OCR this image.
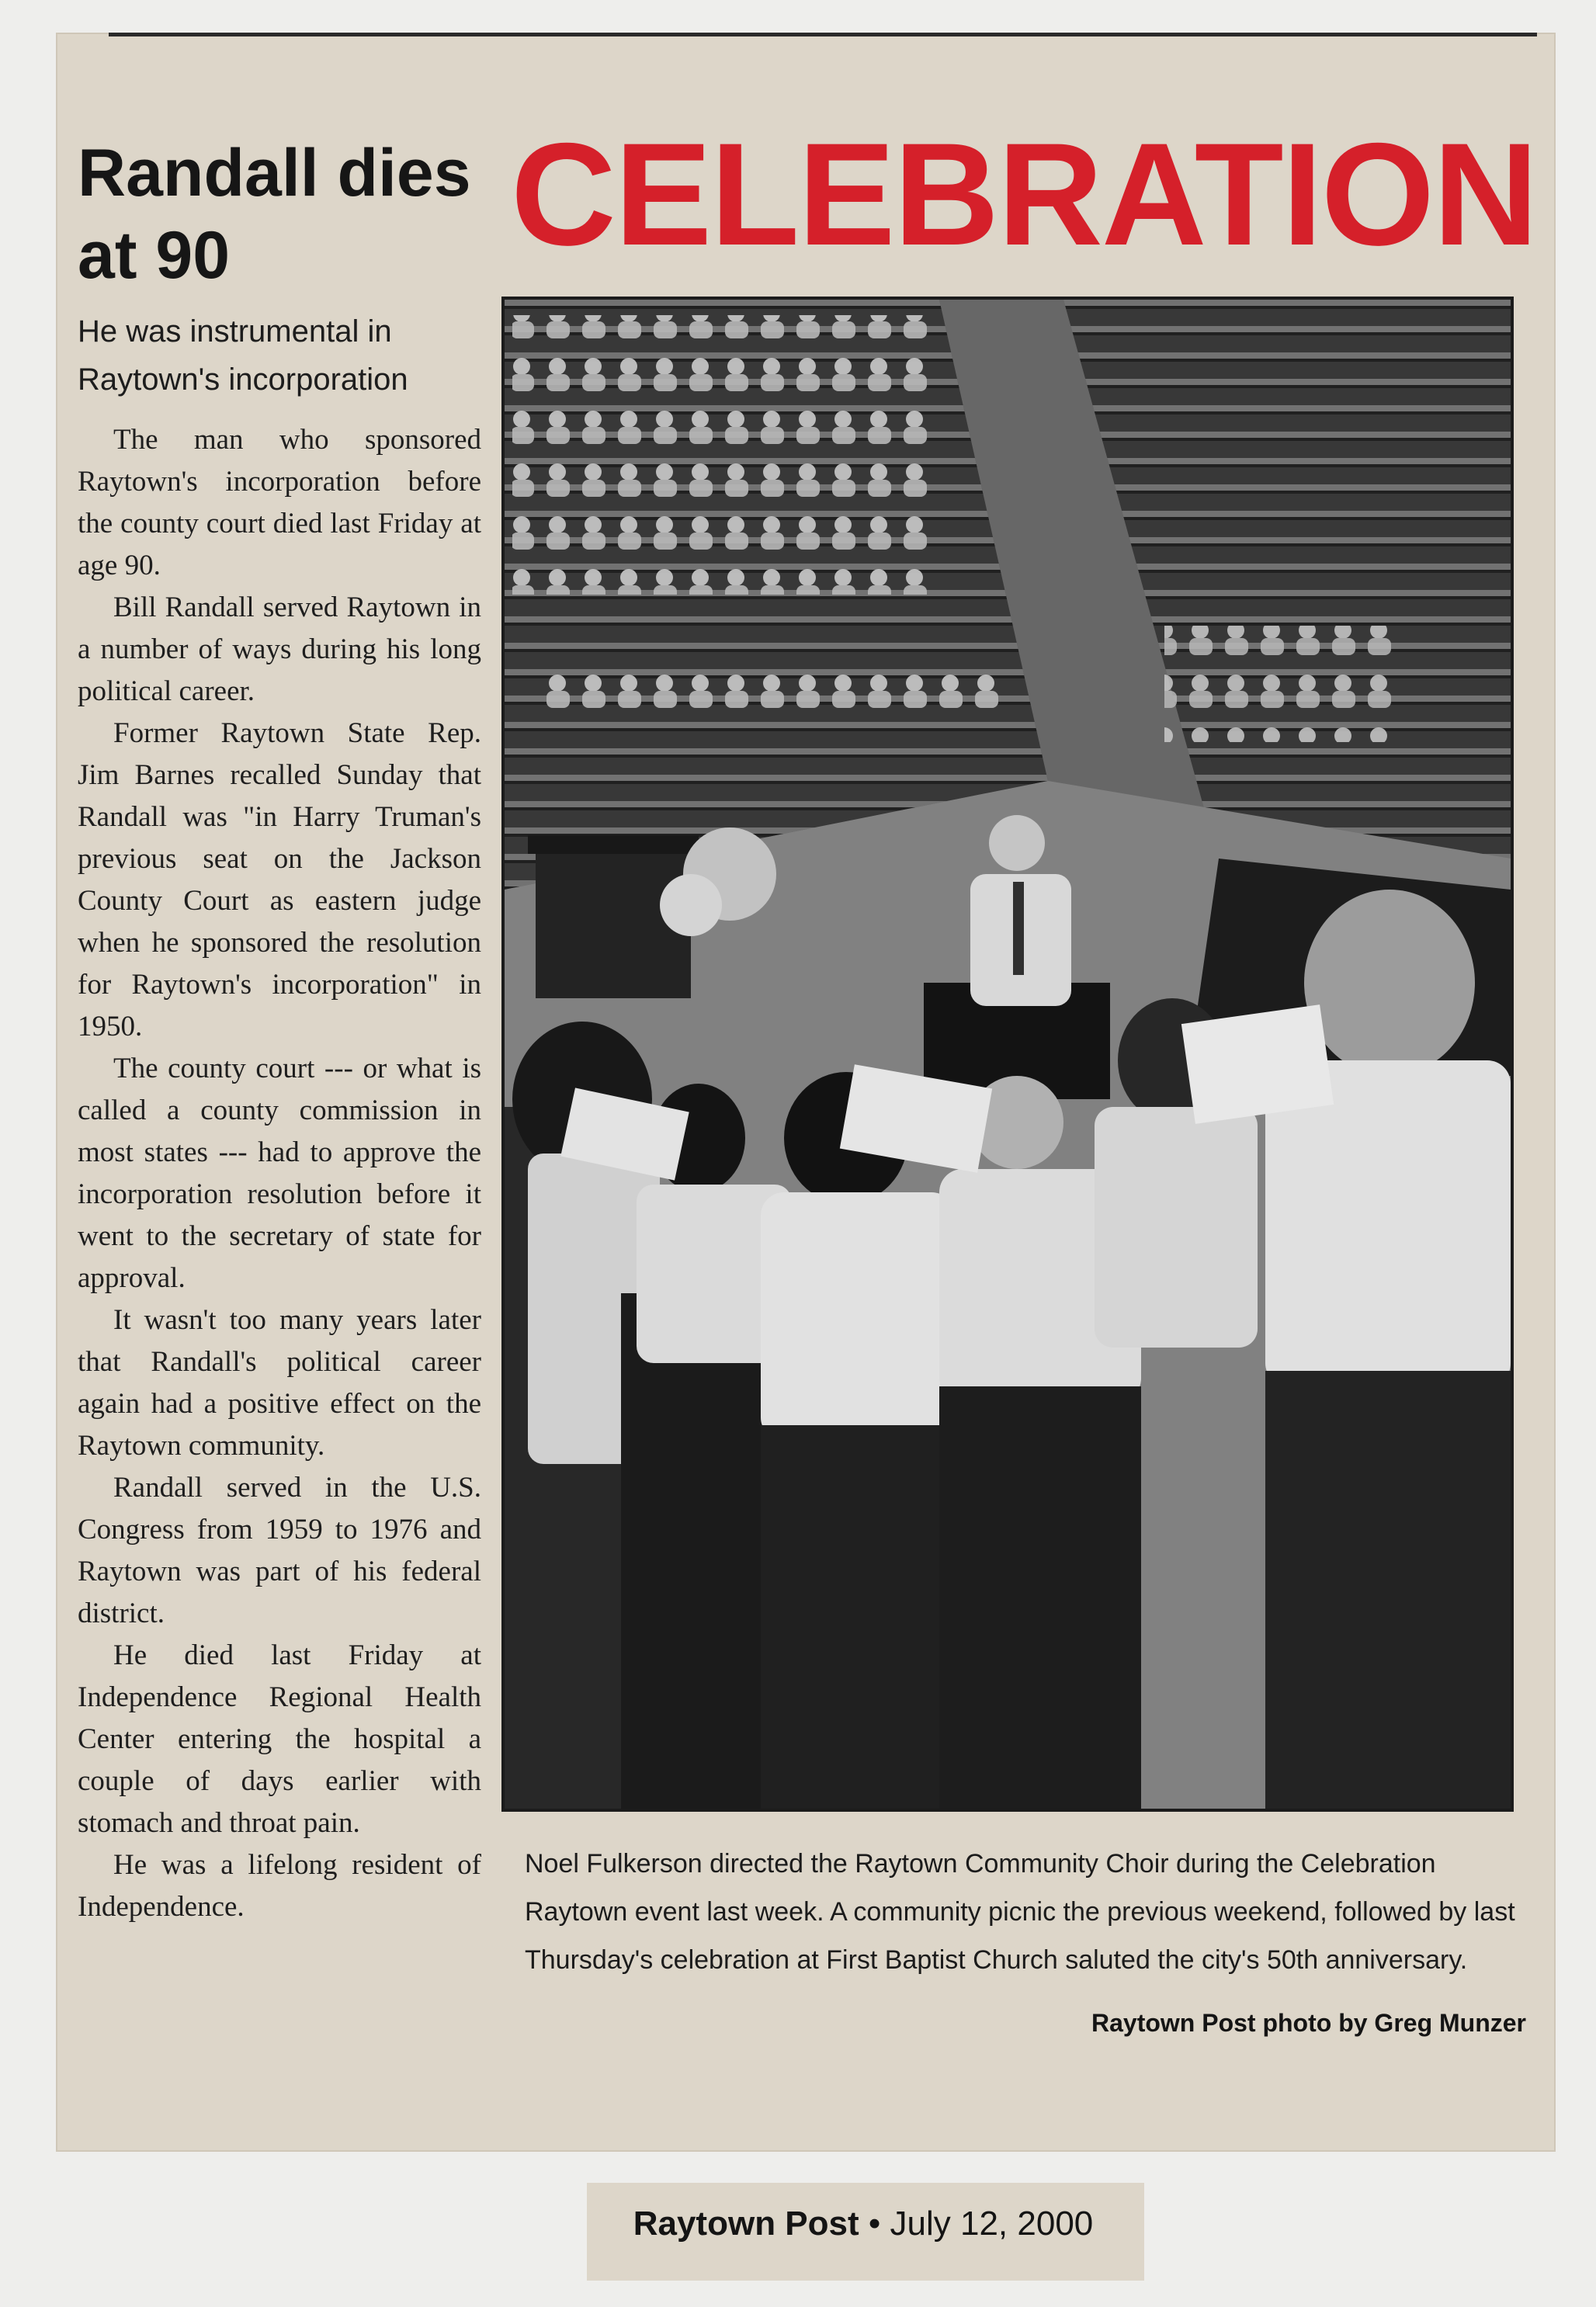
Randall dies at 90
He was instrumental in Raytown's incorporation

The man who sponsored Raytown's incorporation before the county court died last Friday at age 90.

Bill Randall served Raytown in a number of ways during his long political career.

Former Raytown State Rep. Jim Barnes recalled Sunday that Randall was "in Harry Truman's previous seat on the Jackson County Court as eastern judge when he sponsored the resolution for Raytown's incorporation" in 1950.

The county court --- or what is called a county commission in most states --- had to approve the incorporation resolution before it went to the secretary of state for approval.

It wasn't too many years later that Randall's political career again had a positive effect on the Raytown community.

Randall served in the U.S. Congress from 1959 to 1976 and Raytown was part of his federal district.

He died last Friday at Independence Regional Health Center entering the hospital a couple of days earlier with stomach and throat pain.

He was a lifelong resident of Independence.

CELEBRATION

Noel Fulkerson directed the Raytown Community Choir during the Celebration Raytown event last week. A community picnic the previous weekend, followed by last Thursday's celebration at First Baptist Church saluted the city's 50th anniversary.

Raytown Post photo by Greg Munzer
Raytown Post • July 12, 2000
